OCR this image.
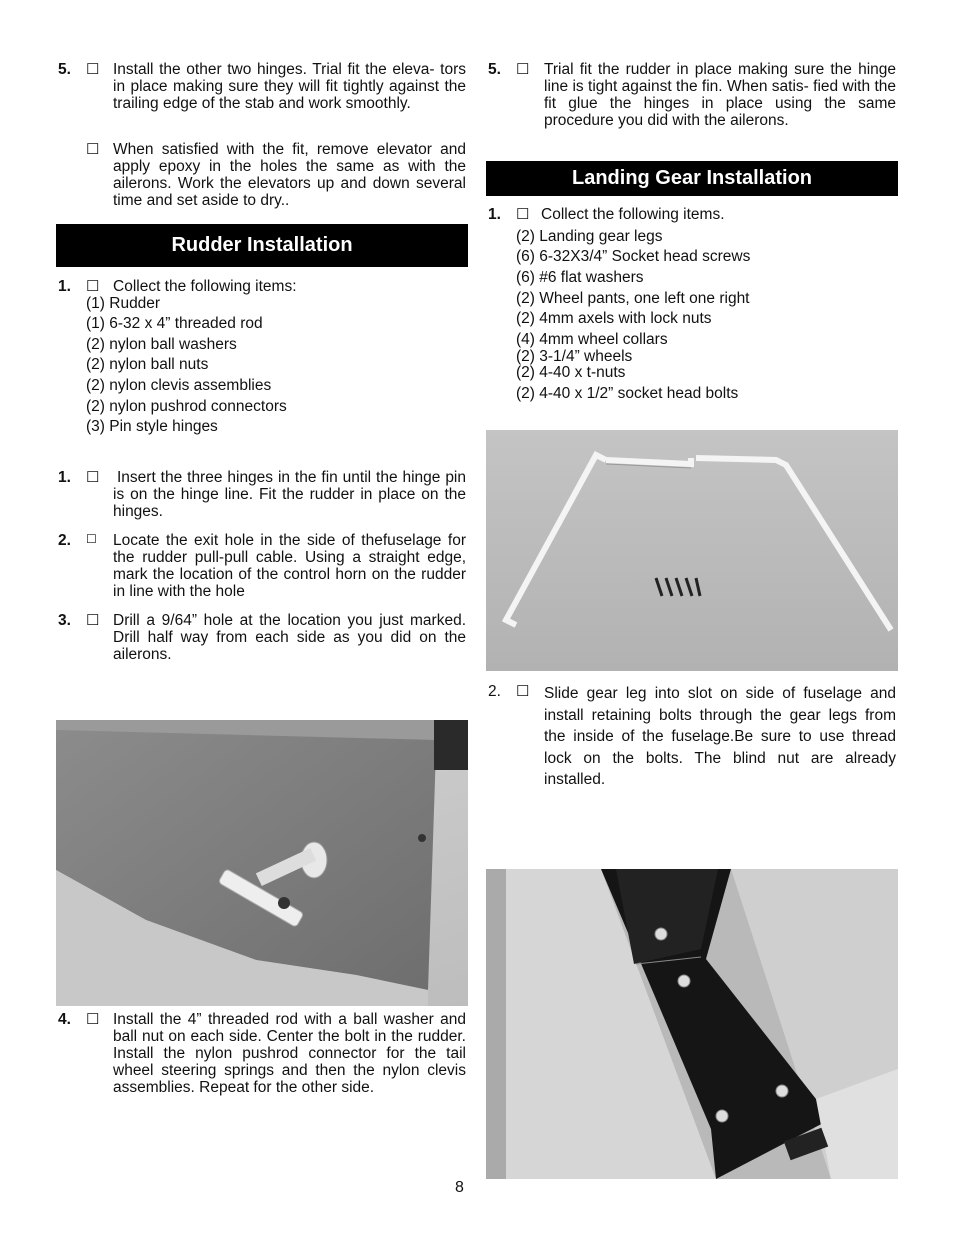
5. ☐ Install the other two hinges. Trial fit the eleva- tors in place making sure they will fit tightly against the trailing edge of the stab and work smoothly.
☐ When satisfied with the fit, remove elevator and apply epoxy in the holes the same as with the ailerons. Work the elevators up and down several time and set aside to dry..
Rudder Installation
1. ☐ Collect the following items:
(1) Rudder
(1) 6-32 x 4” threaded rod
(2) nylon ball washers
(2) nylon ball nuts
(2) nylon clevis assemblies
(2) nylon pushrod connectors
(3) Pin style hinges
1. ☐ Insert the three hinges in the fin until the hinge pin is on the hinge line. Fit the rudder in place on the hinges.
2. ☐ Locate the exit hole in the side of thefuselage for the rudder pull-pull cable. Using a straight edge, mark the location of the control horn on the rudder in line with the hole
3. ☐ Drill a 9/64” hole at the location you just marked. Drill half way from each side as you did on the ailerons.
4. ☐ Install the 4” threaded rod with a ball washer and ball nut on each side. Center the bolt in the rudder. Install the nylon pushrod connector for the tail wheel steering springs and then the nylon clevis assemblies. Repeat for the other side.
5. ☐ Trial fit the rudder in place making sure the hinge line is tight against the fin. When satis- fied with the fit glue the hinges in place using the same procedure you did with the ailerons.
Landing Gear Installation
1. ☐ Collect the following items.
(2) Landing gear legs
(6) 6-32X3/4” Socket head screws
(6) #6 flat washers
(2) Wheel pants, one left one right
(2) 4mm axels with lock nuts
(4) 4mm wheel collars
(2) 3-1/4” wheels
(2) 4-40 x t-nuts
(2) 4-40 x 1/2” socket head bolts
2. ☐ Slide gear leg into slot on side of fuselage and install retaining bolts through the gear legs from the inside of the fuselage.Be sure to use thread lock on the bolts. The blind nut are already installed.
8
